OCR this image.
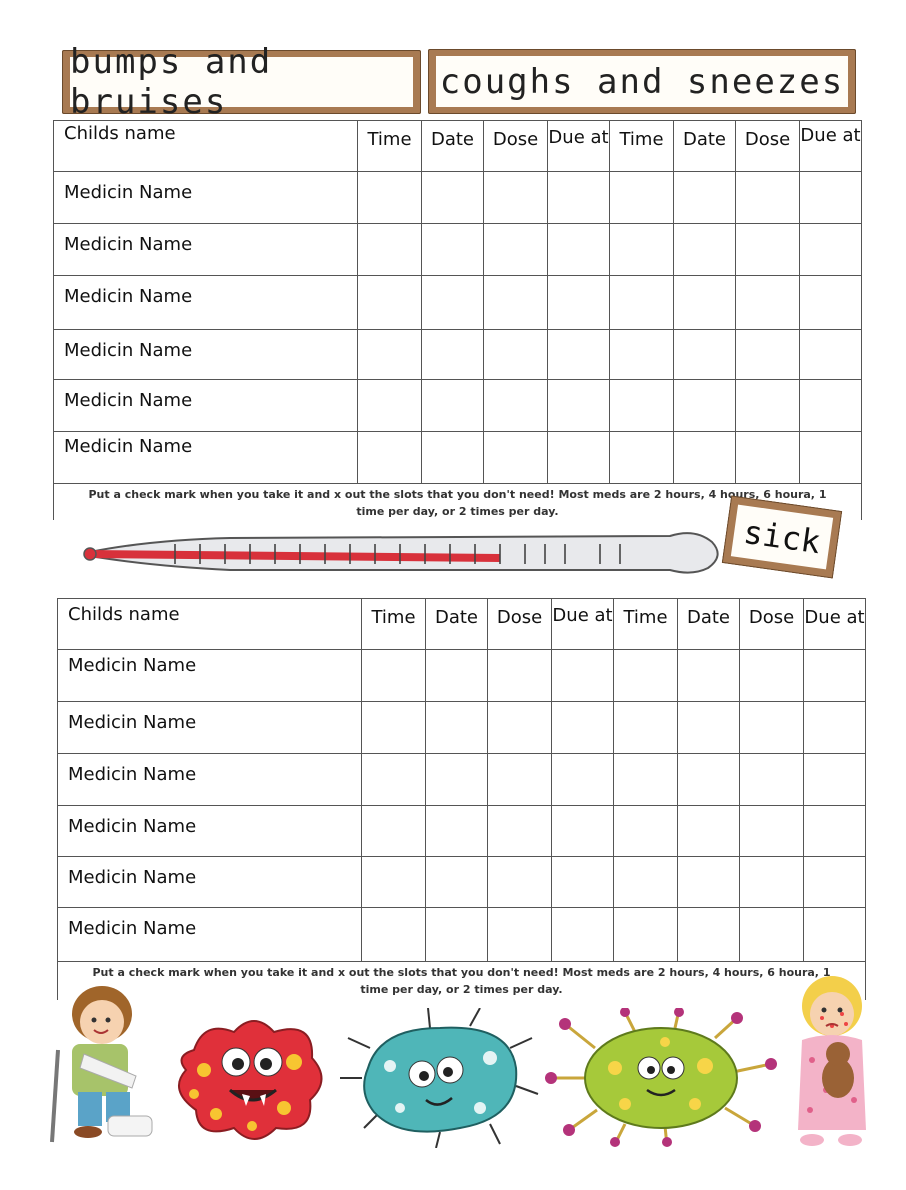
bumps and bruises
coughs and sneezes
Childs name	Time	Date	Dose	Due at	Time	Date	Dose	Due at
Medicin Name								
Medicin Name								
Medicin Name								
Medicin Name								
Medicin Name								
Medicin Name								
Put a check mark when you take it and x out the slots that you don't need! Most meds are 2 hours, 4 hours, 6 houra, 1 time per day, or 2 times per day.								
sick
Childs name	Time	Date	Dose	Due at	Time	Date	Dose	Due at
Medicin Name								
Medicin Name								
Medicin Name								
Medicin Name								
Medicin Name								
Medicin Name								
Put a check mark when you take it and x out the slots that you don't need! Most meds are 2 hours, 4 hours, 6 houra, 1 time per day, or 2 times per day.								
